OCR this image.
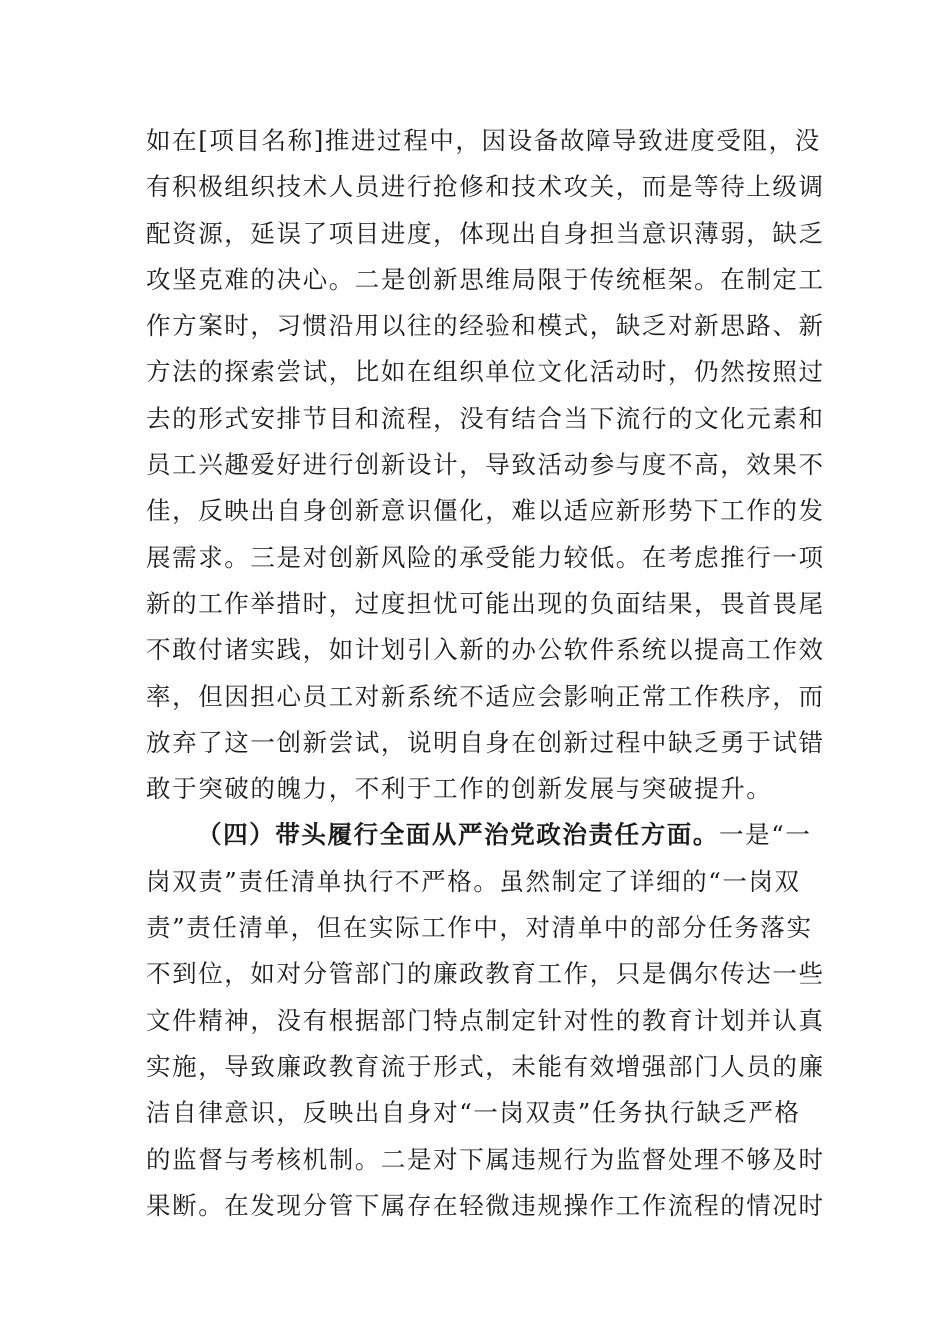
如在[项目名称]推进过程中，因设备故障导致进度受阻，没
有积极组织技术人员进行抢修和技术攻关，而是等待上级调
配资源，延误了项目进度，体现出自身担当意识薄弱，缺乏
攻坚克难的决心。二是创新思维局限于传统框架。在制定工
作方案时，习惯沿用以往的经验和模式，缺乏对新思路、新
方法的探索尝试，比如在组织单位文化活动时，仍然按照过
去的形式安排节目和流程，没有结合当下流行的文化元素和
员工兴趣爱好进行创新设计，导致活动参与度不高，效果不
佳，反映出自身创新意识僵化，难以适应新形势下工作的发
展需求。三是对创新风险的承受能力较低。在考虑推行一项
新的工作举措时，过度担忧可能出现的负面结果，畏首畏尾
不敢付诸实践，如计划引入新的办公软件系统以提高工作效
率，但因担心员工对新系统不适应会影响正常工作秩序，而
放弃了这一创新尝试，说明自身在创新过程中缺乏勇于试错
敢于突破的魄力，不利于工作的创新发展与突破提升。
（四）带头履行全面从严治党政治责任方面。一是“一
岗双责”责任清单执行不严格。虽然制定了详细的“一岗双
责”责任清单，但在实际工作中，对清单中的部分任务落实
不到位，如对分管部门的廉政教育工作，只是偶尔传达一些
文件精神，没有根据部门特点制定针对性的教育计划并认真
实施，导致廉政教育流于形式，未能有效增强部门人员的廉
洁自律意识，反映出自身对“一岗双责”任务执行缺乏严格
的监督与考核机制。二是对下属违规行为监督处理不够及时
果断。在发现分管下属存在轻微违规操作工作流程的情况时
